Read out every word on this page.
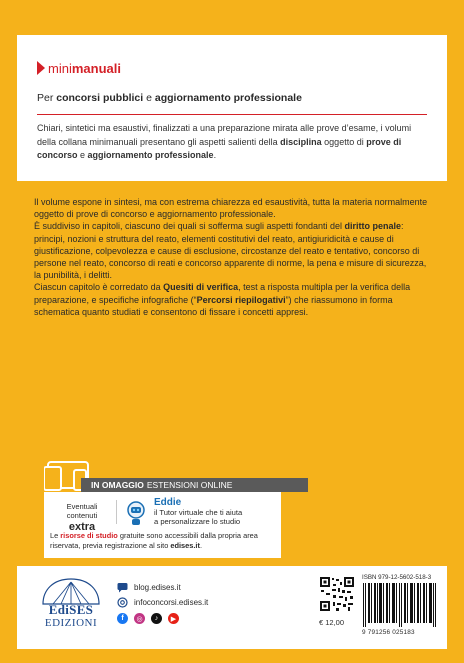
mini manuali
Per concorsi pubblici e aggiornamento professionale
Chiari, sintetici ma esaustivi, finalizzati a una preparazione mirata alle prove d’esame, i volumi della collana minimanuali presentano gli aspetti salienti della disciplina oggetto di prove di concorso e aggiornamento professionale.

Il volume espone in sintesi, ma con estrema chiarezza ed esaustività, tutta la materia normalmente oggetto di prove di concorso e aggiornamento professionale.

È suddiviso in capitoli, ciascuno dei quali si sofferma sugli aspetti fondanti del diritto penale: principi, nozioni e struttura del reato, elementi costitutivi del reato, antigiuridicità e cause di giustificazione, colpevolezza e cause di esclusione, circostanze del reato e tentativo, concorso di persone nel reato, concorso di reati e concorso apparente di norme, la pena e misure di sicurezza, la punibilità, i delitti.

Ciascun capitolo è corredato da Quesiti di verifica, test a risposta multipla per la verifica della preparazione, e specifiche infografiche (“Percorsi riepilogativi”) che riassumono in forma schematica quanto studiati e consentono di fissare i concetti appresi.

IN OMAGGIO ESTENSIONI ONLINE
Eventuali contenuti
extra
Eddie
il Tutor virtuale che ti aiuta
a personalizzare lo studio
Le risorse di studio gratuite sono accessibili dalla propria area riservata, previa registrazione al sito edises.it.
EdiSES
EDIZIONI
blog.edises.it
infoconcorsi.edises.it
f	◎	♪	▶	€ 12,00
ISBN 979-12-5602-518-3
9 791256 025183
